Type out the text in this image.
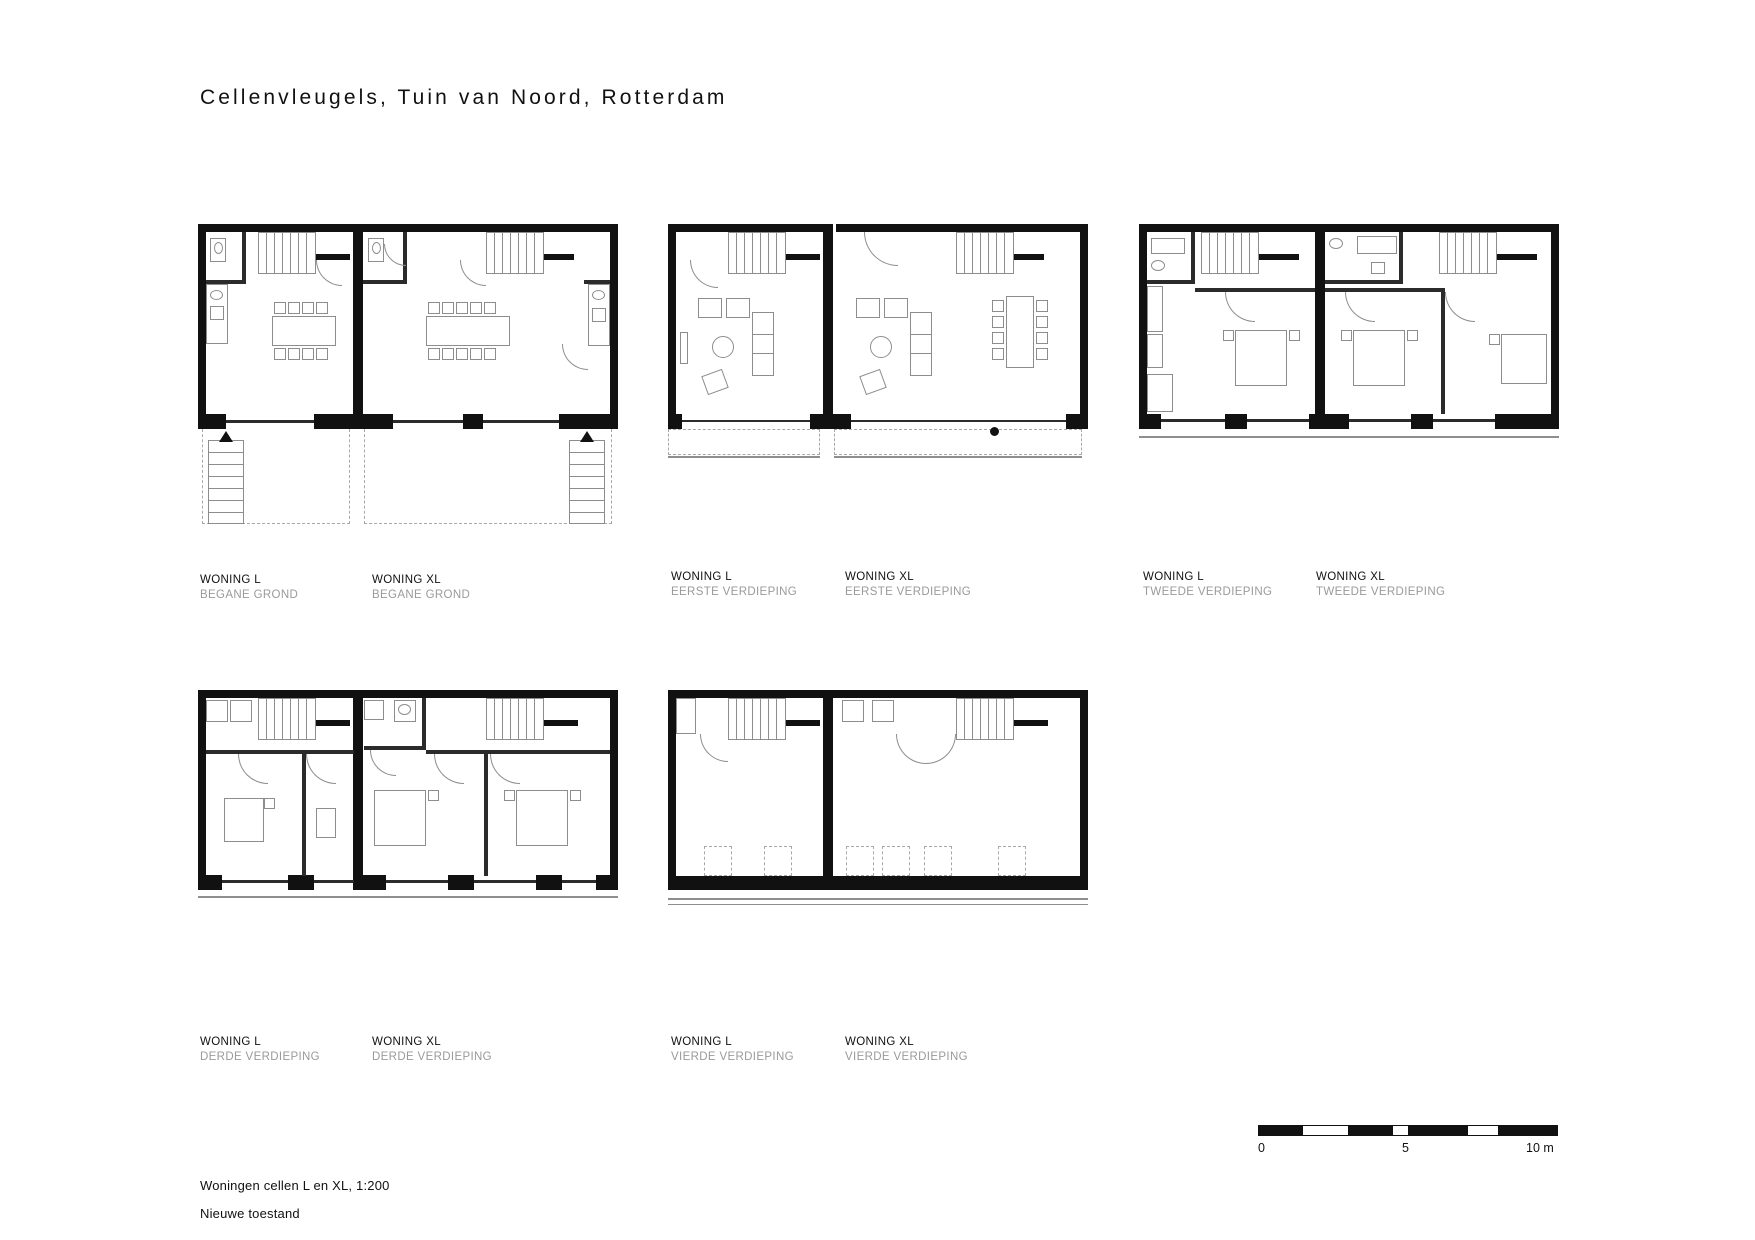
Cellenvleugels, Tuin van Noord, Rotterdam
WONING L
BEGANE GROND
WONING XL
BEGANE GROND
WONING L
EERSTE VERDIEPING
WONING XL
EERSTE VERDIEPING
WONING L
TWEEDE VERDIEPING
WONING XL
TWEEDE VERDIEPING
WONING L
DERDE VERDIEPING
WONING XL
DERDE VERDIEPING
WONING L
VIERDE VERDIEPING
WONING XL
VIERDE VERDIEPING
0	5	10 m
Woningen cellen L en XL, 1:200
Nieuwe toestand
